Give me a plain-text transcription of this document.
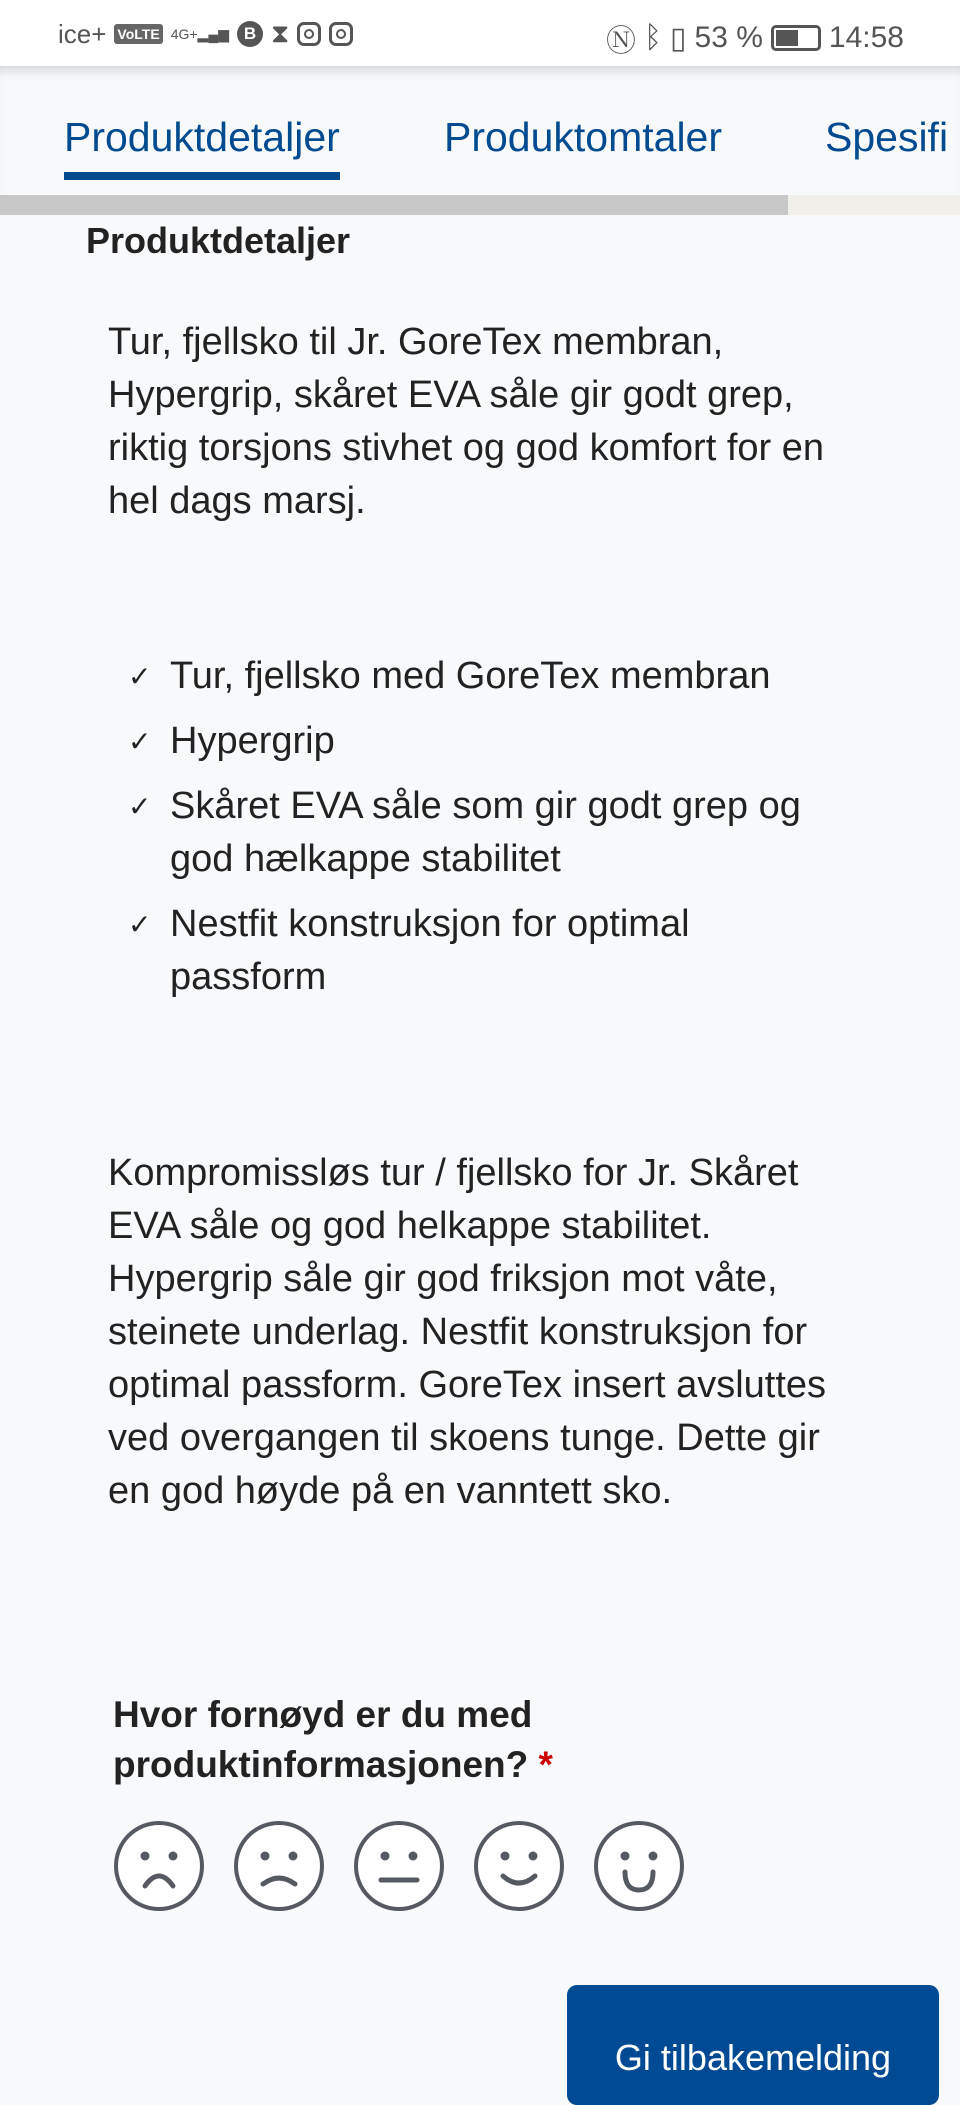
ice+ VoLTE 4G+▂▄▆ B ⧗	Ⓝ ᛒ ▯ 53 % 14:58
Produktdetaljer	Produktomtaler	Spesifi
Produktdetaljer

Tur, fjellsko til Jr. GoreTex membran, Hypergrip, skåret EVA såle gir godt grep, riktig torsjons stivhet og god komfort for en hel dags marsj.

✓ Tur, fjellsko med GoreTex membran
✓ Hypergrip
✓ Skåret EVA såle som gir godt grep og god hælkappe stabilitet
✓ Nestfit konstruksjon for optimal passform

Kompromissløs tur / fjellsko for Jr. Skåret EVA såle og god helkappe stabilitet. Hypergrip såle gir god friksjon mot våte, steinete underlag. Nestfit konstruksjon for optimal passform. GoreTex insert avsluttes ved overgangen til skoens tunge. Dette gir en god høyde på en vanntett sko.

Hvor fornøyd er du med produktinformasjonen? *
Gi tilbakemelding
